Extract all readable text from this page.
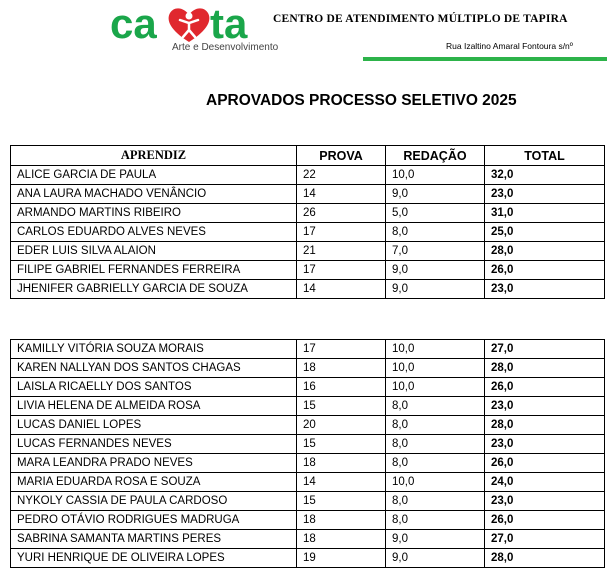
ca ta
Arte e Desenvolvimento
CENTRO DE ATENDIMENTO MÚLTIPLO DE TAPIRA
Rua Izaltino Amaral Fontoura s/nº
APROVADOS PROCESSO SELETIVO 2025
APRENDIZ	PROVA	REDAÇÃO	TOTAL
ALICE GARCIA DE PAULA	22	10,0	32,0
ANA LAURA MACHADO VENÂNCIO	14	9,0	23,0
ARMANDO MARTINS RIBEIRO	26	5,0	31,0
CARLOS EDUARDO ALVES NEVES	17	8,0	25,0
EDER LUIS SILVA ALAION	21	7,0	28,0
FILIPE GABRIEL FERNANDES FERREIRA	17	9,0	26,0
JHENIFER GABRIELLY GARCIA DE SOUZA	14	9,0	23,0
KAMILLY VITÓRIA SOUZA MORAIS	17	10,0	27,0
KAREN NALLYAN DOS SANTOS CHAGAS	18	10,0	28,0
LAISLA RICAELLY DOS SANTOS	16	10,0	26,0
LIVIA HELENA DE ALMEIDA ROSA	15	8,0	23,0
LUCAS DANIEL LOPES	20	8,0	28,0
LUCAS FERNANDES NEVES	15	8,0	23,0
MARA LEANDRA PRADO NEVES	18	8,0	26,0
MARIA EDUARDA ROSA E SOUZA	14	10,0	24,0
NYKOLY CASSIA DE PAULA CARDOSO	15	8,0	23,0
PEDRO OTÁVIO RODRIGUES MADRUGA	18	8,0	26,0
SABRINA SAMANTA MARTINS PERES	18	9,0	27,0
YURI HENRIQUE DE OLIVEIRA LOPES	19	9,0	28,0
